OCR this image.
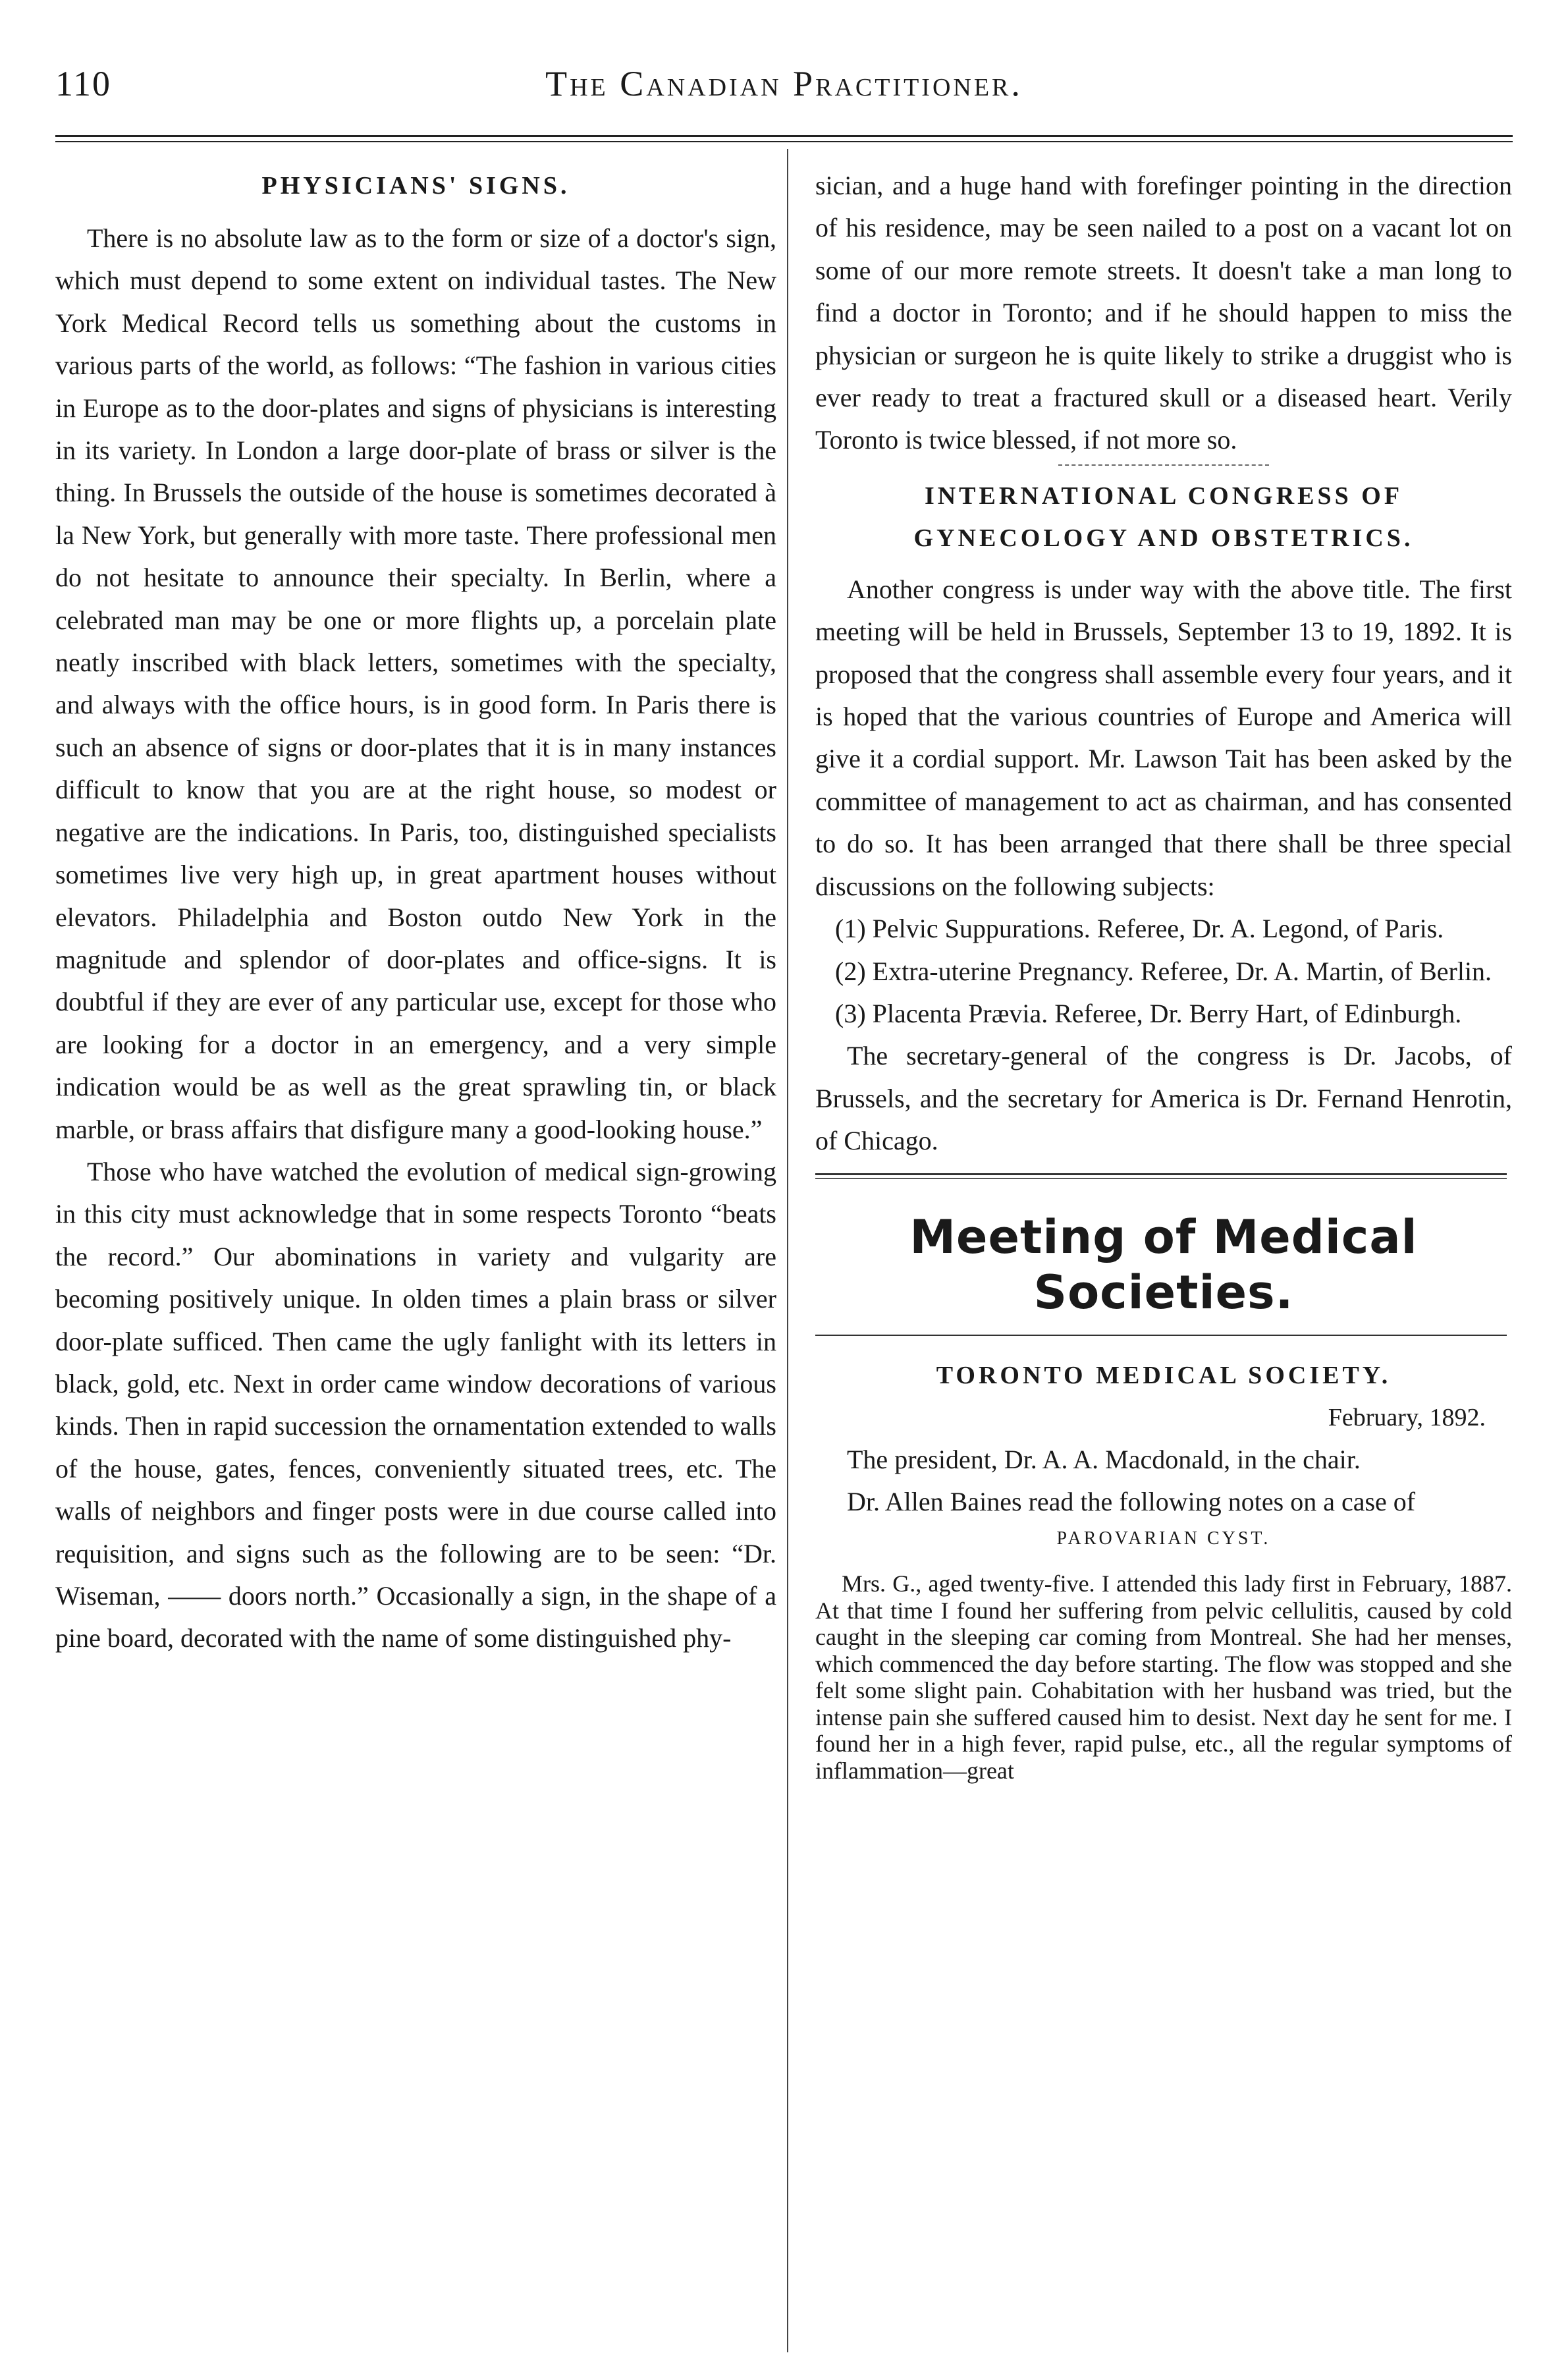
110	The Canadian Practitioner.
PHYSICIANS' SIGNS.

There is no absolute law as to the form or size of a doctor's sign, which must depend to some extent on individual tastes. The New York Medical Record tells us something about the customs in various parts of the world, as follows: “The fashion in various cities in Europe as to the door-plates and signs of physicians is interesting in its variety. In London a large door-plate of brass or silver is the thing. In Brussels the outside of the house is sometimes decorated à la New York, but generally with more taste. There professional men do not hesitate to announce their specialty. In Berlin, where a celebrated man may be one or more flights up, a porcelain plate neatly inscribed with black letters, sometimes with the specialty, and always with the office hours, is in good form. In Paris there is such an absence of signs or door-plates that it is in many instances difficult to know that you are at the right house, so modest or negative are the indications. In Paris, too, distinguished specialists sometimes live very high up, in great apartment houses without elevators. Philadelphia and Boston outdo New York in the magnitude and splendor of door-plates and office-signs. It is doubtful if they are ever of any particular use, except for those who are looking for a doctor in an emergency, and a very simple indication would be as well as the great sprawling tin, or black marble, or brass affairs that disfigure many a good-looking house.”

Those who have watched the evolution of medical sign-growing in this city must acknowledge that in some respects Toronto “beats the record.” Our abominations in variety and vulgarity are becoming positively unique. In olden times a plain brass or silver door-plate sufficed. Then came the ugly fanlight with its letters in black, gold, etc. Next in order came window decorations of various kinds. Then in rapid succession the ornamentation extended to walls of the house, gates, fences, conveniently situated trees, etc. The walls of neighbors and finger posts were in due course called into requisition, and signs such as the following are to be seen: “Dr. Wiseman, —— doors north.” Occasionally a sign, in the shape of a pine board, decorated with the name of some distinguished phy-

sician, and a huge hand with forefinger pointing in the direction of his residence, may be seen nailed to a post on a vacant lot on some of our more remote streets. It doesn't take a man long to find a doctor in Toronto; and if he should happen to miss the physician or surgeon he is quite likely to strike a druggist who is ever ready to treat a fractured skull or a diseased heart. Verily Toronto is twice blessed, if not more so.

INTERNATIONAL CONGRESS OF GYNECOLOGY AND OBSTETRICS.

Another congress is under way with the above title. The first meeting will be held in Brussels, September 13 to 19, 1892. It is proposed that the congress shall assemble every four years, and it is hoped that the various countries of Europe and America will give it a cordial support. Mr. Lawson Tait has been asked by the committee of management to act as chairman, and has consented to do so. It has been arranged that there shall be three special discussions on the following subjects:

(1) Pelvic Suppurations. Referee, Dr. A. Legond, of Paris.

(2) Extra-uterine Pregnancy. Referee, Dr. A. Martin, of Berlin.

(3) Placenta Prævia. Referee, Dr. Berry Hart, of Edinburgh.

The secretary-general of the congress is Dr. Jacobs, of Brussels, and the secretary for America is Dr. Fernand Henrotin, of Chicago.

Meeting of Medical Societies.
TORONTO MEDICAL SOCIETY.

February, 1892.

The president, Dr. A. A. Macdonald, in the chair.

Dr. Allen Baines read the following notes on a case of

PAROVARIAN CYST.

Mrs. G., aged twenty-five. I attended this lady first in February, 1887. At that time I found her suffering from pelvic cellulitis, caused by cold caught in the sleeping car coming from Montreal. She had her menses, which commenced the day before starting. The flow was stopped and she felt some slight pain. Cohabitation with her husband was tried, but the intense pain she suffered caused him to desist. Next day he sent for me. I found her in a high fever, rapid pulse, etc., all the regular symptoms of inflammation—great
